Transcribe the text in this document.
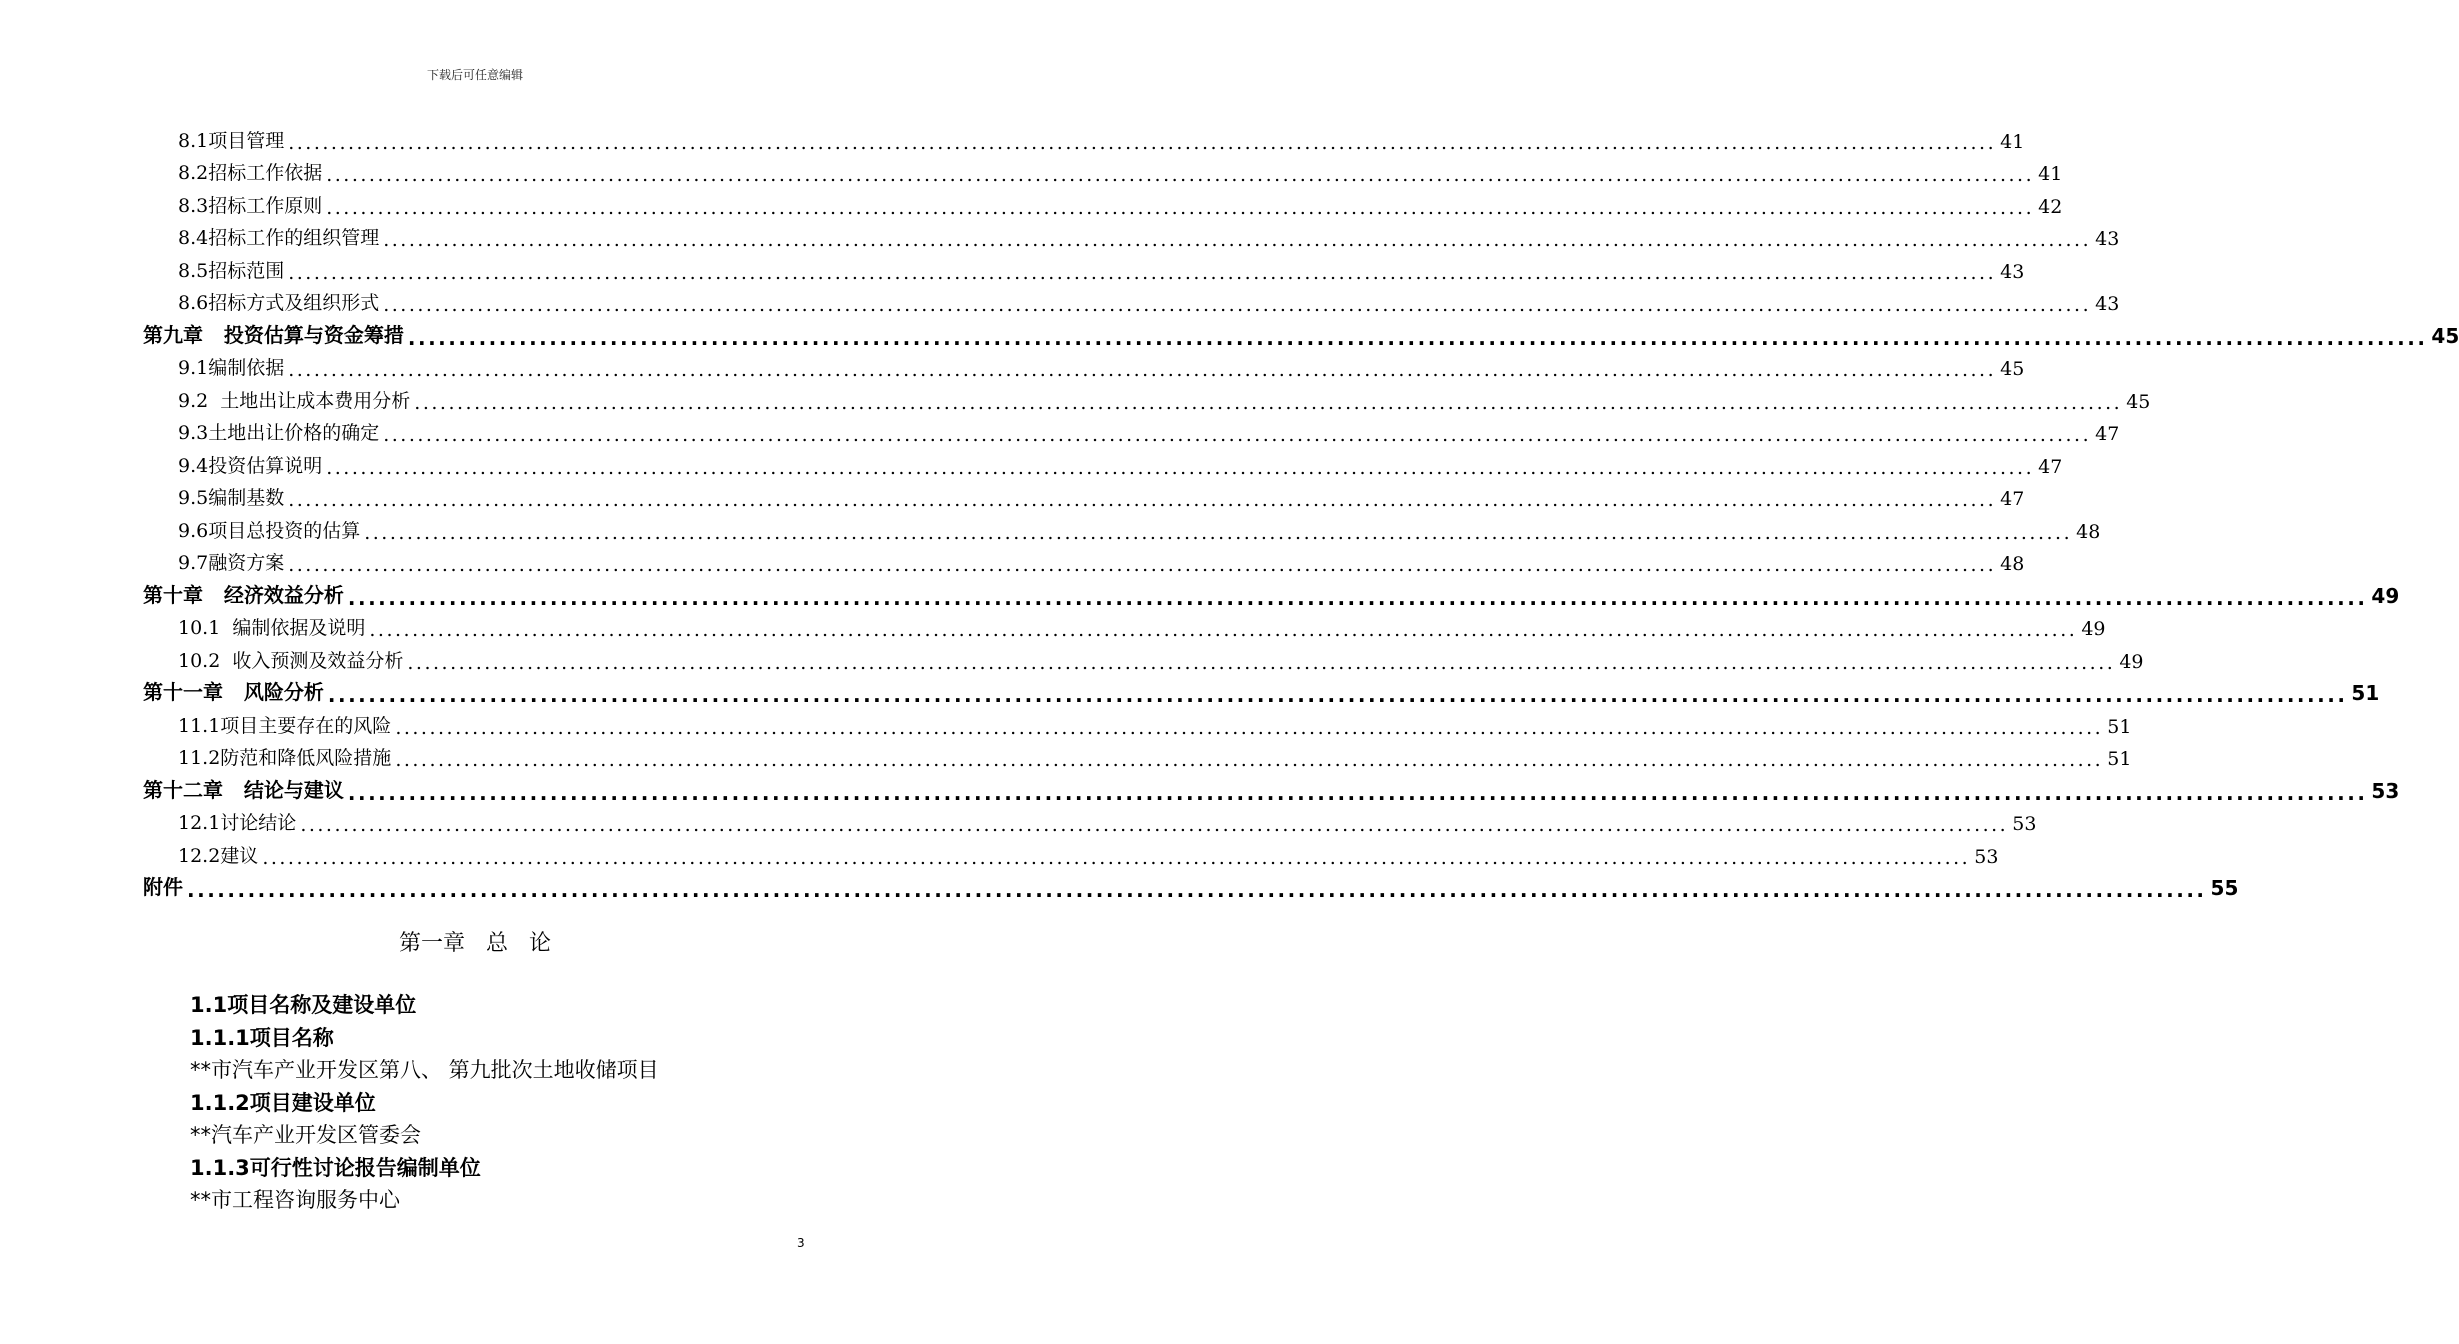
下载后可任意编辑
8.1项目管理 ........................................................................................................................................................................................................ 41
8.2招标工作依据 ........................................................................................................................................................................................................ 41
8.3招标工作原则 ........................................................................................................................................................................................................ 42
8.4招标工作的组织管理 ........................................................................................................................................................................................................ 43
8.5招标范围 ........................................................................................................................................................................................................ 43
8.6招标方式及组织形式 ........................................................................................................................................................................................................ 43
第九章   投资估算与资金筹措 ........................................................................................................................................................................................................ 45
9.1编制依据 ........................................................................................................................................................................................................ 45
9.2  土地出让成本费用分析 ........................................................................................................................................................................................................ 45
9.3土地出让价格的确定 ........................................................................................................................................................................................................ 47
9.4投资估算说明 ........................................................................................................................................................................................................ 47
9.5编制基数 ........................................................................................................................................................................................................ 47
9.6项目总投资的估算 ........................................................................................................................................................................................................ 48
9.7融资方案 ........................................................................................................................................................................................................ 48
第十章   经济效益分析 ........................................................................................................................................................................................................ 49
10.1  编制依据及说明 ........................................................................................................................................................................................................ 49
10.2  收入预测及效益分析 ........................................................................................................................................................................................................ 49
第十一章   风险分析 ........................................................................................................................................................................................................ 51
11.1项目主要存在的风险 ........................................................................................................................................................................................................ 51
11.2防范和降低风险措施 ........................................................................................................................................................................................................ 51
第十二章   结论与建议 ........................................................................................................................................................................................................ 53
12.1讨论结论 ........................................................................................................................................................................................................ 53
12.2建议 ........................................................................................................................................................................................................ 53
附件 ........................................................................................................................................................................................................ 55
第一章   总   论
1.1项目名称及建设单位
1.1.1项目名称
**市汽车产业开发区第八、 第九批次土地收储项目
1.1.2项目建设单位
**汽车产业开发区管委会
1.1.3可行性讨论报告编制单位
**市工程咨询服务中心
3
